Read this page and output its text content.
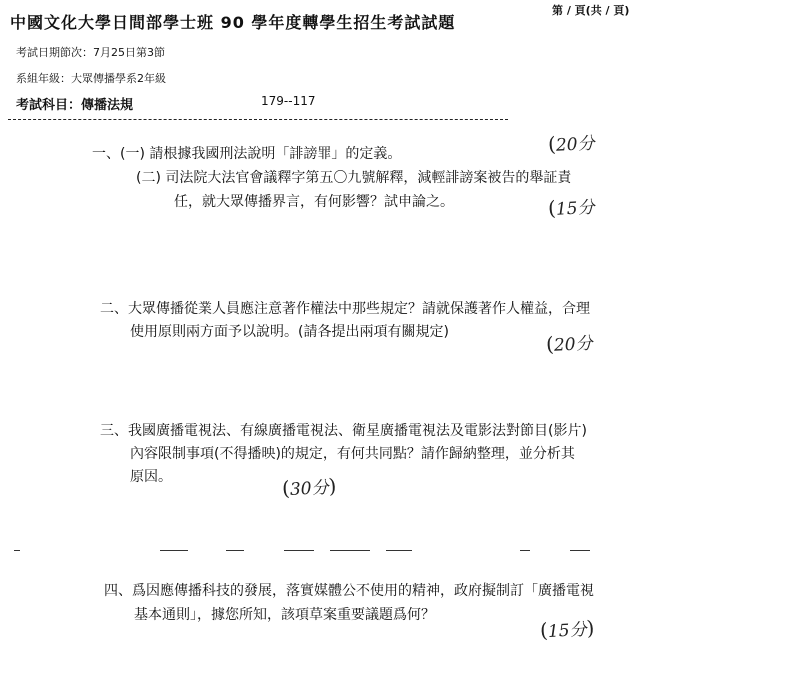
中國文化大學日間部學士班 90 學年度轉學生招生考試試題
第 / 頁(共 / 頁)
考試日期節次：7月25日第3節
系組年級：大眾傳播學系2年級
考試科目：傳播法規	179--117
一、(一) 請根據我國刑法說明「誹謗罪」的定義。
(二) 司法院大法官會議釋字第五〇九號解釋，減輕誹謗案被告的舉証責
任，就大眾傳播界言，有何影響？試申論之。
(20分
(15分
二、大眾傳播從業人員應注意著作權法中那些規定？請就保護著作人權益，合理
使用原則兩方面予以說明。(請各提出兩項有關規定)	(20分
三、我國廣播電視法、有線廣播電視法、衛星廣播電視法及電影法對節目(影片)
內容限制事項(不得播映)的規定，有何共同點？請作歸納整理，並分析其
原因。	(30分)
四、爲因應傳播科技的發展，落實媒體公不使用的精神，政府擬制訂「廣播電視
基本通則」，據您所知，該項草案重要議題爲何？
(15分)
